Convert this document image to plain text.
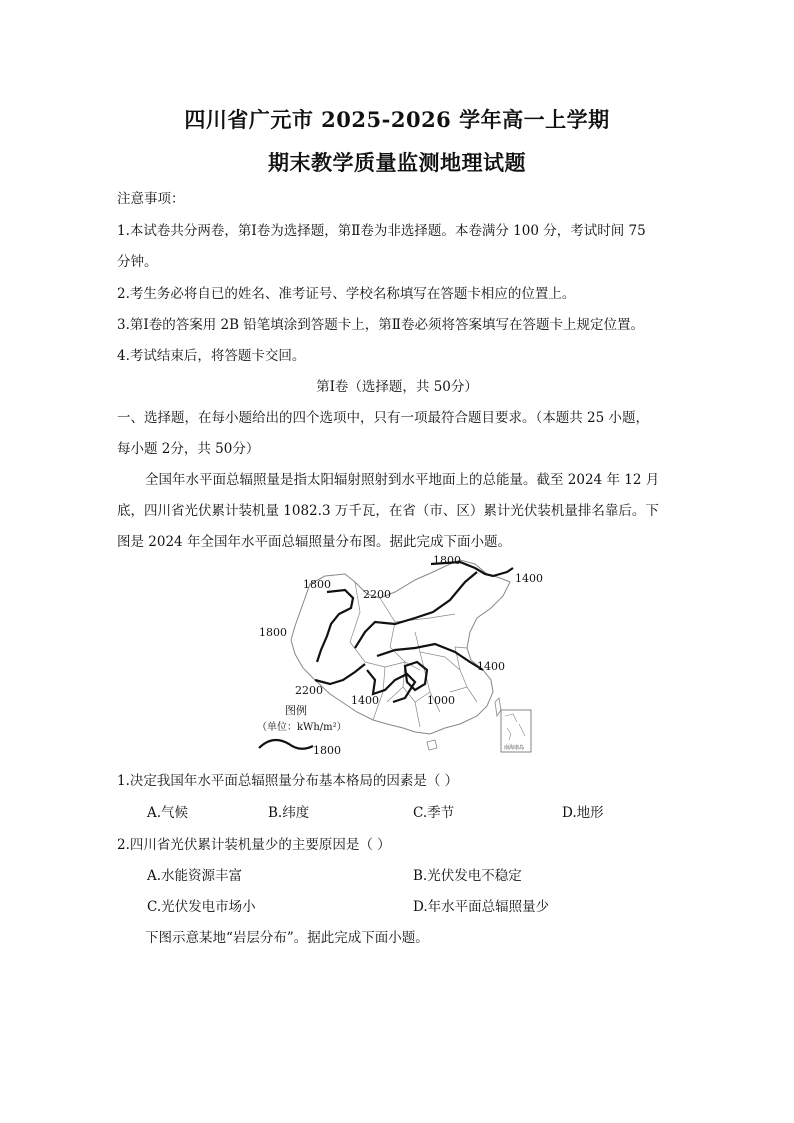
四川省广元市 2025-2026 学年高一上学期
期末教学质量监测地理试题
注意事项：
1.本试卷共分两卷，第Ⅰ卷为选择题，第Ⅱ卷为非选择题。本卷满分 100 分，考试时间 75
分钟。
2.考生务必将自已的姓名、准考证号、学校名称填写在答题卡相应的位置上。
3.第Ⅰ卷的答案用 2B 铅笔填涂到答题卡上，第Ⅱ卷必须将答案填写在答题卡上规定位置。
4.考试结束后，将答题卡交回。
第Ⅰ卷（选择题，共 50分）
一、选择题，在每小题给出的四个选项中，只有一项最符合题目要求。（本题共 25 小题，
每小题 2分，共 50分）
全国年水平面总辐照量是指太阳辐射照射到水平地面上的总能量。截至 2024 年 12 月
底，四川省光伏累计装机量 1082.3 万千瓦，在省（市、区）累计光伏装机量排名靠后。下
图是 2024 年全国年水平面总辐照量分布图。据此完成下面小题。
1800
1400
1800
2200
1800
1400
2200
1400	1000
图例
（单位：kWh/m²）
1800	南海诸岛
1.决定我国年水平面总辐照量分布基本格局的因素是（ ）
A.气候	B.纬度	C.季节	D.地形
2.四川省光伏累计装机量少的主要原因是（ ）
A.水能资源丰富	B.光伏发电不稳定
C.光伏发电市场小	D.年水平面总辐照量少
下图示意某地“岩层分布”。据此完成下面小题。
